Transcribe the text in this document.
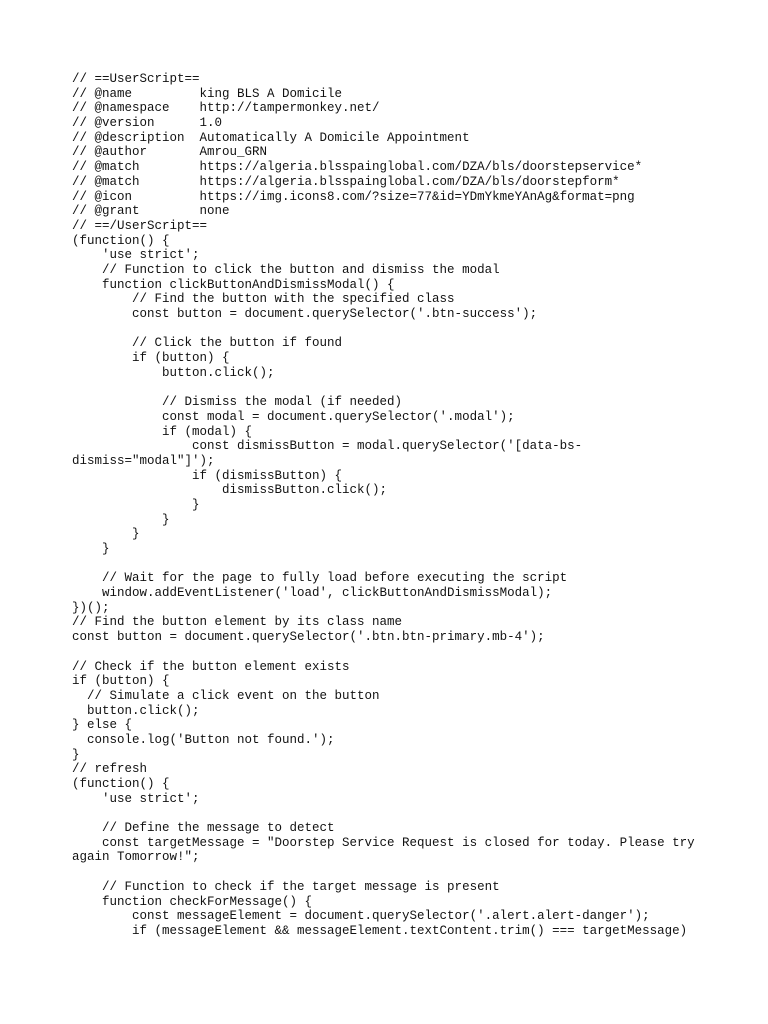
// ==UserScript==
// @name         king BLS A Domicile
// @namespace    http://tampermonkey.net/
// @version      1.0
// @description  Automatically A Domicile Appointment
// @author       Amrou_GRN
// @match        https://algeria.blsspainglobal.com/DZA/bls/doorstepservice*
// @match        https://algeria.blsspainglobal.com/DZA/bls/doorstepform*
// @icon         https://img.icons8.com/?size=77&id=YDmYkmeYAnAg&format=png
// @grant        none
// ==/UserScript==
(function() {
'use strict';
// Function to click the button and dismiss the modal
function clickButtonAndDismissModal() {
// Find the button with the specified class
const button = document.querySelector('.btn-success');
// Click the button if found
if (button) {
button.click();
// Dismiss the modal (if needed)
const modal = document.querySelector('.modal');
if (modal) {
const dismissButton = modal.querySelector('[data-bs-
dismiss="modal"]');
if (dismissButton) {
dismissButton.click();
}
}
}
}
// Wait for the page to fully load before executing the script
window.addEventListener('load', clickButtonAndDismissModal);
})();
// Find the button element by its class name
const button = document.querySelector('.btn.btn-primary.mb-4');
// Check if the button element exists
if (button) {
// Simulate a click event on the button
button.click();
} else {
console.log('Button not found.');
}
// refresh
(function() {
'use strict';
// Define the message to detect
const targetMessage = "Doorstep Service Request is closed for today. Please try
again Tomorrow!";
// Function to check if the target message is present
function checkForMessage() {
const messageElement = document.querySelector('.alert.alert-danger');
if (messageElement && messageElement.textContent.trim() === targetMessage)
